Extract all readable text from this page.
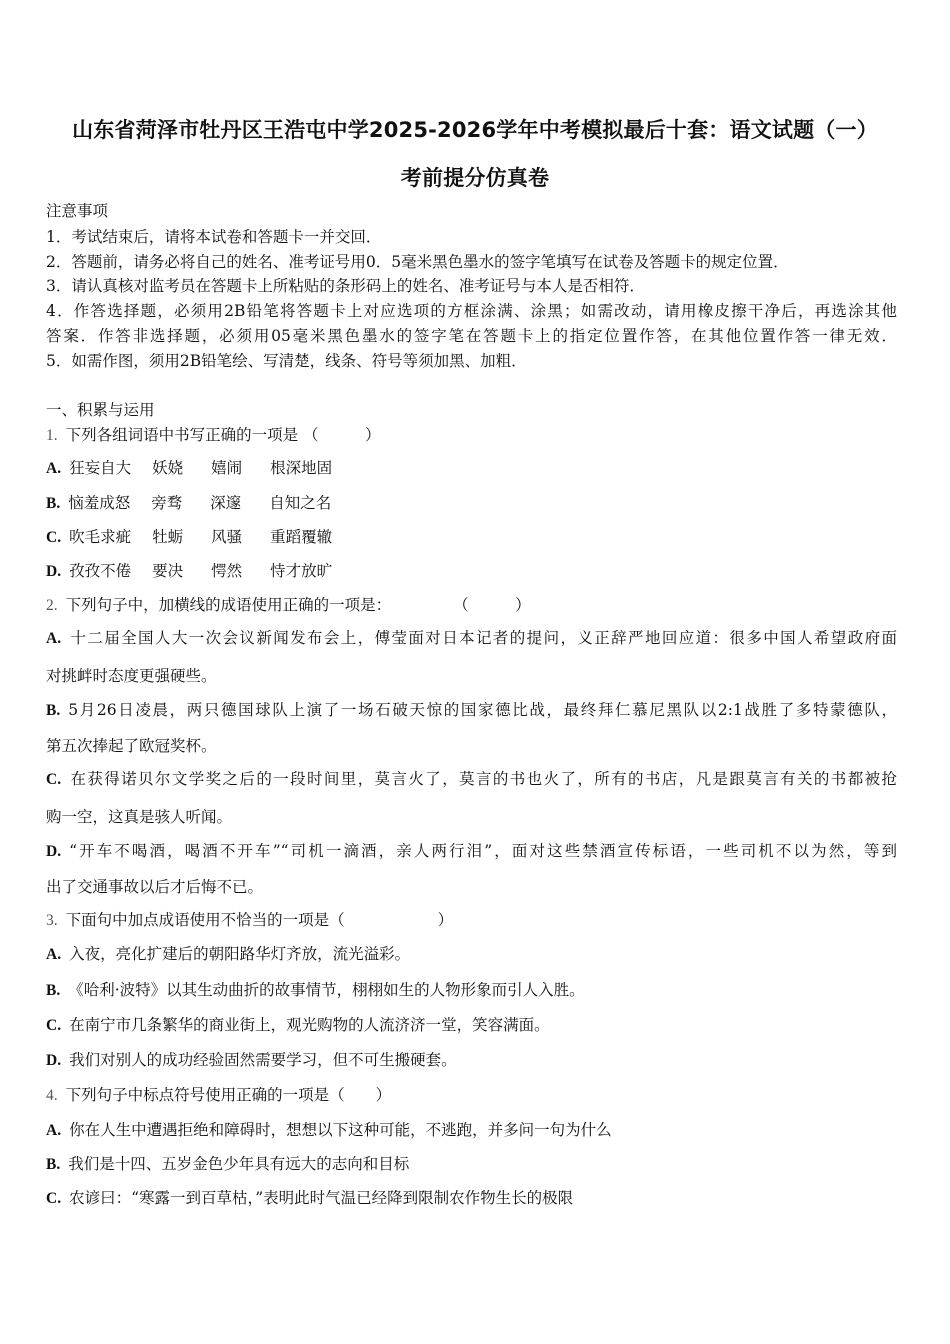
山东省菏泽市牡丹区王浩屯中学2025-2026学年中考模拟最后十套：语文试题（一）
考前提分仿真卷
注意事项
1．考试结束后，请将本试卷和答题卡一并交回．
2．答题前，请务必将自己的姓名、准考证号用0．5毫米黑色墨水的签字笔填写在试卷及答题卡的规定位置．
3．请认真核对监考员在答题卡上所粘贴的条形码上的姓名、准考证号与本人是否相符．
4．作答选择题，必须用2B铅笔将答题卡上对应选项的方框涂满、涂黑；如需改动，请用橡皮擦干净后，再选涂其他
答案．作答非选择题，必须用05毫米黑色墨水的签字笔在答题卡上的指定位置作答，在其他位置作答一律无效．
5．如需作图，须用2B铅笔绘、写清楚，线条、符号等须加黑、加粗．
一、积累与运用
1. 下列各组词语中书写正确的一项是 （　　　）
A. 狂妄自大 妖娆 嬉闹 根深地固
B. 恼羞成怒 旁骛 深邃 自知之名
C. 吹毛求疵 牡蛎 风骚 重蹈覆辙
D. 孜孜不倦 要决 愕然 恃才放旷
2. 下列句子中，加横线的成语使用正确的一项是：　　　　　（　　　）
A. 十二届全国人大一次会议新闻发布会上，傅莹面对日本记者的提问，义正辞严地回应道：很多中国人希望政府面
对挑衅时态度更强硬些。
B. 5月26日凌晨，两只德国球队上演了一场石破天惊的国家德比战，最终拜仁慕尼黑队以2:1战胜了多特蒙德队，
第五次捧起了欧冠奖杯。
C. 在获得诺贝尔文学奖之后的一段时间里，莫言火了，莫言的书也火了，所有的书店，凡是跟莫言有关的书都被抢
购一空，这真是骇人听闻。
D. “开车不喝酒，喝酒不开车”“司机一滴酒，亲人两行泪”，面对这些禁酒宣传标语，一些司机不以为然，等到
出了交通事故以后才后悔不已。
3. 下面句中加点成语使用不恰当的一项是（　　　　　　）
A. 入夜，亮化扩建后的朝阳路华灯齐放，流光溢彩。
B. 《哈利·波特》以其生动曲折的故事情节，栩栩如生的人物形象而引人入胜。
C. 在南宁市几条繁华的商业街上，观光购物的人流济济一堂，笑容满面。
D. 我们对别人的成功经验固然需要学习，但不可生搬硬套。
4. 下列句子中标点符号使用正确的一项是（　　）
A. 你在人生中遭遇拒绝和障碍时，想想以下这种可能，不逃跑，并多问一句为什么
B. 我们是十四、五岁金色少年具有远大的志向和目标
C. 农谚曰：“寒露一到百草枯，”表明此时气温已经降到限制农作物生长的极限
